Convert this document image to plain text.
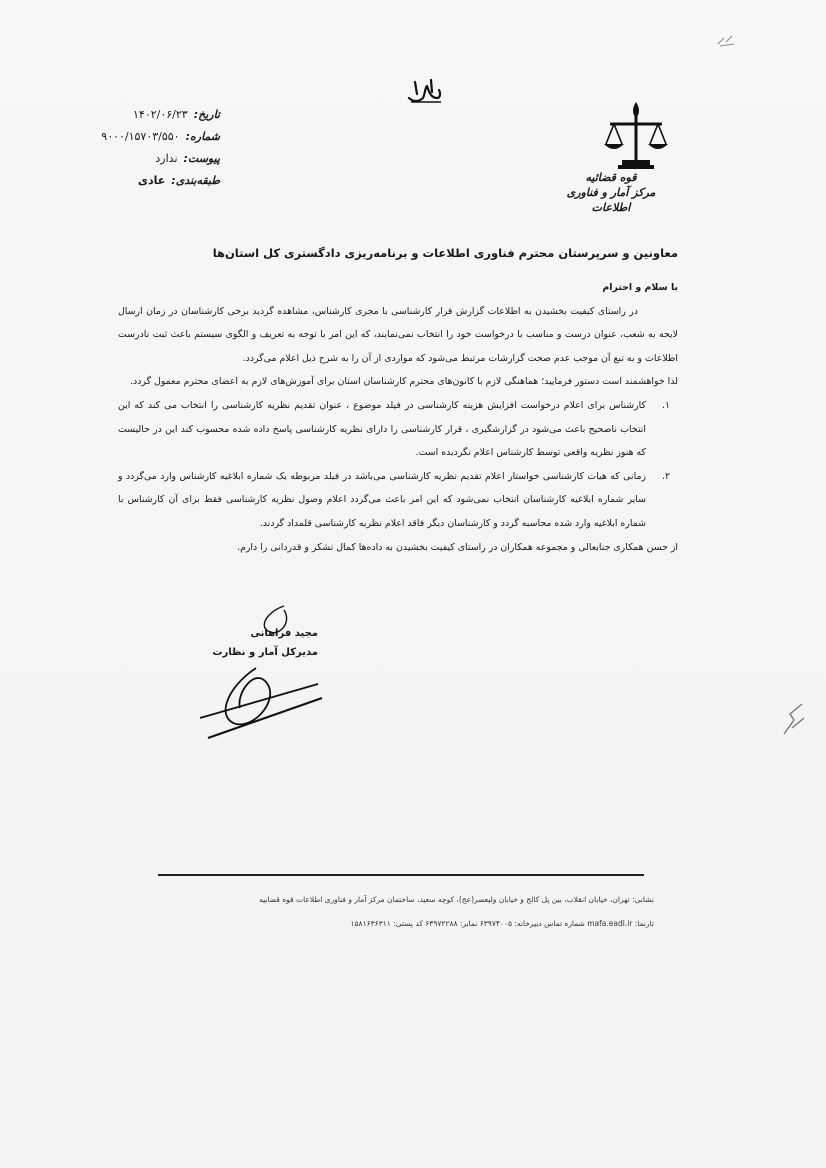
قوه قضائیه
مرکز آمار و فناوری اطلاعات
تاریخ:
۱۴۰۲/۰۶/۲۳
شماره:
۹۰۰۰/۱۵۷۰۳/۵۵۰
پیوست:
ندارد
طبقه‌بندی:
عادی
معاونین و سرپرستان محترم فناوری اطلاعات و برنامه‌ریزی دادگستری کل استان‌ها

با سلام و احترام

در راستای کیفیت بخشیدن به اطلاعات گزارش قرار کارشناسی با مجری کارشناس، مشاهده گردید برخی کارشناسان در زمان ارسال لایحه به شعب، عنوان درست و مناسب با درخواست خود را انتخاب نمی‌نمایند، که این امر با توجه به تعریف و الگوی سیستم باعث ثبت نادرست اطلاعات و به تبع آن موجب عدم صحت گزارشات مرتبط می‌شود که مواردی از آن را به شرح ذیل اعلام می‌گردد.

لذا خواهشمند است دستور فرمایید؛ هماهنگی لازم با کانون‌های محترم کارشناسان استان برای آموزش‌های لازم به اعضای محترم معمول گردد.

۱.
کارشناس برای اعلام درخواست افزایش هزینه کارشناسی در فیلد موضوع ، عنوان تقدیم نظریه کارشناسی را انتخاب می کند که این انتخاب ناصحیح باعث می‌شود در گزارشگیری ، قرار کارشناسی را دارای نظریه کارشناسی پاسخ داده شده محسوب کند این در حالیست که هنوز نظریه واقعی توسط کارشناس اعلام نگردیده است.
۲.
زمانی که هیات کارشناسی خواستار اعلام تقدیم نظریه کارشناسی می‌باشد در فیلد مربوطه یک شماره ابلاغیه کارشناس وارد می‌گردد و سایر شماره ابلاغیه کارشناسان انتخاب نمی‌شود که این امر باعث می‌گردد اعلام وصول نظریه کارشناسی فقط برای آن کارشناس با شماره ابلاغیه وارد شده محاسبه گردد و کارشناسان دیگر فاقد اعلام نظریه کارشناسی قلمداد گردند.

از حسن همکاری جنابعالی و مجموعه همکاران در راستای کیفیت بخشیدن به داده‌ها کمال تشکر و قدردانی را دارم.

مجید فراهانی
مدیرکل آمار و نظارت
نشانی: تهران، خیابان انقلاب، بین پل کالج و خیابان ولیعصر(عج)، کوچه سعید، ساختمان مرکز آمار و فناوری اطلاعات قوه قضاییه
تارنما: mafa.eadl.ir شماره تماس دبیرخانه: ۶۳۹۷۴۰۰۵ نمابر: ۶۳۹۷۲۲۸۸ کد پستی: ۱۵۸۱۶۳۶۳۱۱
